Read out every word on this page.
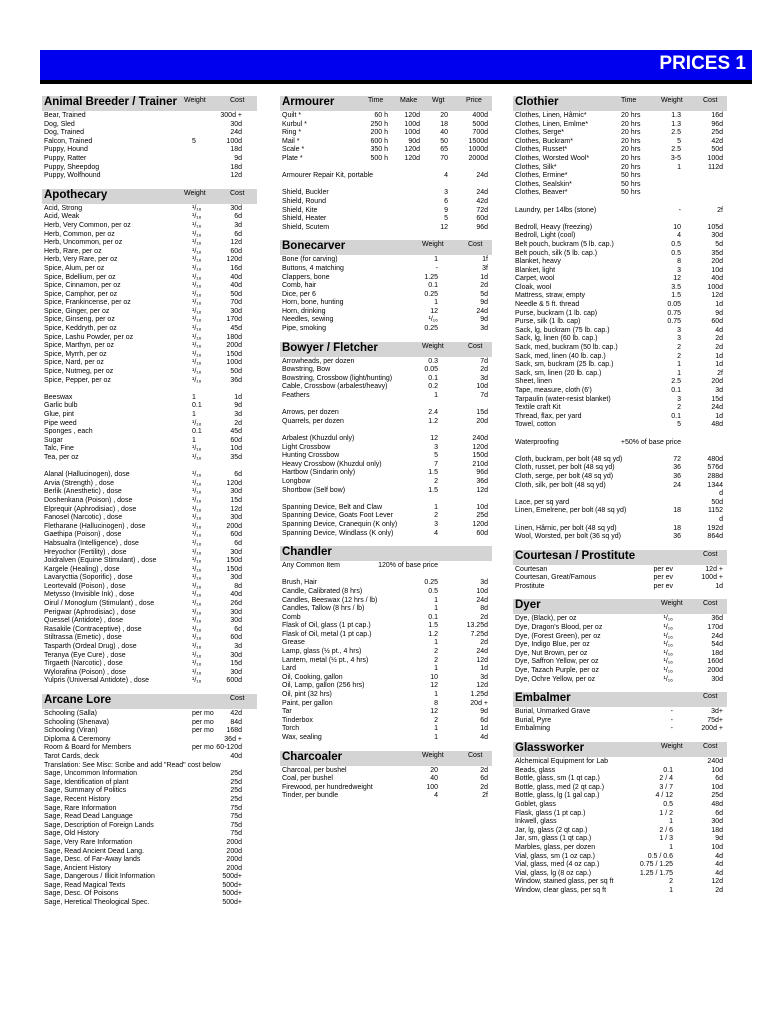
PRICES 1
Animal Breeder / Trainer Weight	Cost
Bear, Trained	300d +
Dog, Sled	30d
Dog, Trained	24d
Falcon, Trained	5	100d
Puppy, Hound	18d
Puppy, Ratter	9d
Puppy, Sheepdog	18d
Puppy, Wolfhound	12d
Apothecary	Weight	Cost
Acid, Strong	¹/₁₆	30d
Acid, Weak	¹/₁₆	6d
Herb, Very Common, per oz	¹/₁₆	3d
Herb, Common, per oz	¹/₁₆	6d
Herb, Uncommon, per oz	¹/₁₆	12d
Herb, Rare, per oz	¹/₁₆	60d
Herb, Very Rare, per oz	¹/₁₆	120d
Spice, Alum, per oz	¹/₁₆	16d
Spice, Bdellium, per oz	¹/₁₆	40d
Spice, Cinnamon, per oz	¹/₁₆	40d
Spice, Camphor, per oz	¹/₁₆	50d
Spice, Frankincense, per oz	¹/₁₆	70d
Spice, Ginger, per oz	¹/₁₆	30d
Spice, Ginseng, per oz	¹/₁₆	170d
Spice, Keddryth, per oz	¹/₁₆	45d
Spice, Lashu Powder, per oz	¹/₁₆	180d
Spice, Marthyn, per oz	¹/₁₆	200d
Spice, Myrrh, per oz	¹/₁₆	150d
Spice, Nard, per oz	¹/₁₆	100d
Spice, Nutmeg, per oz	¹/₁₆	50d
Spice, Pepper, per oz	¹/₁₆	36d
Beeswax	1	1d
Garlic bulb	0.1	9d
Glue, pint	1	3d
Pipe weed	¹/₁₆	2d
Sponges , each	0.1	45d
Sugar	1	60d
Talc, Fine	¹/₁₆	10d
Tea, per oz	¹/₁₆	35d
Alanal (Hallucinogen), dose	¹/₁₆	6d
Arvia (Strength) , dose	¹/₁₆	120d
Berlik (Anesthetic) , dose	¹/₁₆	30d
Doshenkana (Poison) , dose	¹/₁₆	15d
Elprequir (Aphrodisiac) , dose	¹/₁₆	12d
Fanosel (Narcotic) , dose	¹/₁₆	30d
Fletharane (Hallucinogen) , dose	¹/₁₆	200d
Gaethipa (Poison) , dose	¹/₁₆	60d
Habsualra (Intelligence) , dose	¹/₁₆	6d
Hreyochor (Fertility) , dose	¹/₁₆	30d
Joidralven (Equine Stimulant) , dose	¹/₁₆	150d
Kargele (Healing) , dose	¹/₁₆	150d
Lavarycttia (Soporific) , dose	¹/₁₆	30d
Leortevald (Poison) , dose	¹/₁₆	8d
Metysso (Invisible Ink) , dose	¹/₁₆	40d
Oirul / Monoglum (Stimulant) , dose	¹/₁₆	26d
Perigwar (Aphrodisiac) , dose	¹/₁₆	30d
Quessel (Antidote) , dose	¹/₁₆	30d
Rasakile (Contraceptive) , dose	¹/₁₆	6d
Stiltrassa (Emetic) , dose	¹/₁₆	60d
Tasparth (Ordeal Drug) , dose	¹/₁₆	3d
Teranya (Eye Cure) , dose	¹/₁₆	30d
Tirgaeth (Narcotic) , dose	¹/₁₆	15d
Wylorafina (Poison) , dose	¹/₁₆	30d
Yulpris (Universal Antidote) , dose	¹/₁₆	600d
Arcane Lore	Cost
Schooling (Salla)	per mo 42d
Schooling (Shenava)	per mo 84d
Schooling (Viran)	per mo 168d
Diploma & Ceremony	36d +
Room & Board for Members	per mo 60-120d
Tarot Cards, deck	40d
Translation: See Misc: Scribe and add "Read" cost below
Sage, Uncommon Information	25d
Sage, Identification of plant	25d
Sage, Summary of Politics	25d
Sage, Recent History	25d
Sage, Rare Information	75d
Sage, Read Dead Language	75d
Sage, Description of Foreign Lands	75d
Sage, Old History	75d
Sage, Very Rare Information	200d
Sage, Read Ancient Dead Lang.	200d
Sage, Desc. of Far-Away lands	200d
Sage, Ancient History	200d
Sage, Dangerous / Illicit Information	500d+
Sage, Read Magical Texts	500d+
Sage, Desc. Of Poisons	500d+
Sage, Heretical Theological Spec.	500d+
Armourer	Time Make Wgt	Price
Quilt *	60 h 120d	20	400d
Kurbul *	250 h 100d	18	500d
Ring *	200 h 100d	40	700d
Mail *	600 h	90d	50	1500d
Scale *	350 h 120d	65	1000d
Plate *	500 h 120d	70	2000d
Armourer Repair Kit, portable	4	24d
Shield, Buckler	3	24d
Shield, Round	6	42d
Shield, Kite	9	72d
Shield, Heater	5	60d
Shield, Scutem	12	96d
Bonecarver	Weight	Cost
Bone (for carving)	1	1f
Buttons, 4 matching	-	3f
Clappers, bone	1.25	1d
Comb, hair	0.1	2d
Dice, per 6	0.25	5d
Horn, bone, hunting	1	9d
Horn, drinking	12	24d
Needles, sewing	¹/₁₆	9d
Pipe, smoking	0.25	3d
Bowyer / Fletcher	Weight	Cost
Arrowheads, per dozen	0.3	7d
Bowstring, Bow	0.05	2d
Bowstring, Crossbow (light/hunting)	0.1	3d
Cable, Crossbow (arbalest/heavy)	0.2	10d
Feathers	1	7d
Arrows, per dozen	2.4	15d
Quarrels, per dozen	1.2	20d
Arbalest (Khuzdul only)	12	240d
Light Crossbow	3	120d
Hunting Crossbow	5	150d
Heavy Crossbow (Khuzdul only)	7	210d
Hartbow (Sindarin only)	1.5	96d
Longbow	2	36d
Shortbow (Self bow)	1.5	12d
Spanning Device, Belt and Claw	1	10d
Spanning Device, Goats Foot Lever	2	25d
Spanning Device, Cranequin (K only)	3	120d
Spanning Device, Windlass (K only)	4	60d
Chandler
Any Common Item	120% of base price
Brush, Hair	0.25	3d
Candle, Calibrated (8 hrs)	0.5	10d
Candles, Beeswax (12 hrs / lb)	1	24d
Candles, Tallow (8 hrs / lb)	1	8d
Comb	0.1	2d
Flask of Oil, glass (1 pt cap.)	1.5	13.25d
Flask of Oil, metal (1 pt cap.)	1.2	7.25d
Grease	1	2d
Lamp, glass (½ pt., 4 hrs)	2	24d
Lantern, metal (½ pt., 4 hrs)	2	12d
Lard	1	1d
Oil, Cooking, gallon	10	3d
Oil, Lamp, gallon (256 hrs)	12	12d
Oil, pint (32 hrs)	1	1.25d
Paint, per gallon	8	20d +
Tar	12	9d
Tinderbox	2	6d
Torch	1	1d
Wax, sealing	1	4d
Charcoaler	Weight	Cost
Charcoal, per bushel	20	2d
Coal, per bushel	40	6d
Firewood, per hundredweight	100	2d
Tinder, per bundle	4	2f
Clothier	Time	Weight	Cost
Clothes, Linen, Hârnic*	20 hrs	1.3	16d
Clothes, Linen, Emlme*	20 hrs	1.3	96d
Clothes, Serge*	20 hrs	2.5	25d
Clothes, Buckram*	20 hrs	5	42d
Clothes, Russet*	20 hrs	2.5	50d
Clothes, Worsted Wool*	20 hrs	3-5	100d
Clothes, Silk*	20 hrs	1	112d
Clothes, Ermine*	50 hrs
Clothes, Sealskin*	50 hrs
Clothes, Beaver*	50 hrs
Laundry, per 14lbs (stone)	-	2f
Bedroll, Heavy (freezing)	10	105d
Bedroll, Light (cool)	4	30d
Belt pouch, buckram (5 lb. cap.)	0.5	5d
Belt pouch, silk (5 lb. cap.)	0.5	35d
Blanket, heavy	8	20d
Blanket, light	3	10d
Carpet, wool	12	40d
Cloak, wool	3.5	100d
Mattress, straw, empty	1.5	12d
Needle & 5 ft. thread	0.05	1d
Purse, buckram (1 lb. cap)	0.75	9d
Purse, silk (1 lb. cap)	0.75	60d
Sack, lg, buckram (75 lb. cap.)	3	4d
Sack, lg, linen (60 lb. cap.)	3	2d
Sack, med, buckram (50 lb. cap.)	2	2d
Sack, med, linen (40 lb. cap.)	2	1d
Sack, sm, buckram (25 lb. cap.)	1	1d
Sack, sm, linen (20 lb. cap.)	1	2f
Sheet, linen	2.5	20d
Tape, measure, cloth (6')	0.1	3d
Tarpaulin (water-resist blanket)	3	15d
Textile craft Kit	2	24d
Thread, flax, per yard	0.1	1d
Towel, cotton	5	48d
Waterproofing	+50% of base price
Cloth, buckram, per bolt (48 sq yd)	72	480d
Cloth, russet, per bolt (48 sq yd)	36	576d
Cloth, serge, per bolt (48 sq yd)	36	288d
Cloth, silk, per bolt (48 sq yd)	24	1344
d
Lace, per sq yard	50d
Linen, Emelrene, per bolt (48 sq yd)	18	1152
d
Linen, Hârnic, per bolt (48 sq yd)	18	192d
Wool, Worsted, per bolt (36 sq yd)	36	864d
Courtesan / Prostitute	Cost
Courtesan	per ev	12d +
Courtesan, Great/Famous	per ev	100d +
Prostitute	per ev	1d
Dyer	Weight	Cost
Dye, (Black), per oz	¹/₁₆	36d
Dye, Dragon's Blood, per oz	¹/₁₆	170d
Dye, (Forest Green), per oz	¹/₁₆	24d
Dye, Indigo Blue, per oz	¹/₁₆	54d
Dye, Nut Brown, per oz	¹/₁₆	18d
Dye, Saffron Yellow, per oz	¹/₁₆	160d
Dye, Tazach Purple, per oz	¹/₁₆	200d
Dye, Ochre Yellow, per oz	¹/₁₆	30d
Embalmer	Cost
Burial, Unmarked Grave	-	3d+
Burial, Pyre	-	75d+
Embalming	-	200d +
Glassworker	Weight	Cost
Alchemical Equipment for Lab	240d
Beads, glass	0.1	10d
Bottle, glass, sm (1 qt cap.)	2 / 4	6d
Bottle, glass, med (2 qt cap.)	3 / 7	10d
Bottle, glass, lg (1 gal cap.)	4 / 12	25d
Goblet, glass	0.5	48d
Flask, glass (1 pt cap.)	1 / 2	6d
Inkwell, glass	1	30d
Jar, lg, glass (2 qt cap.)	2 / 6	18d
Jar, sm, glass (1 qt cap.)	1 / 3	9d
Marbles, glass, per dozen	1	10d
Vial, glass, sm (1 oz cap.)	0.5 / 0.6	4d
Vial, glass, med (4 oz cap.)	0.75 / 1.25	4d
Vial, glass, lg (8 oz cap.)	1.25 / 1.75	4d
Window, stained glass, per sq ft	2	12d
Window, clear glass, per sq ft	1	2d
